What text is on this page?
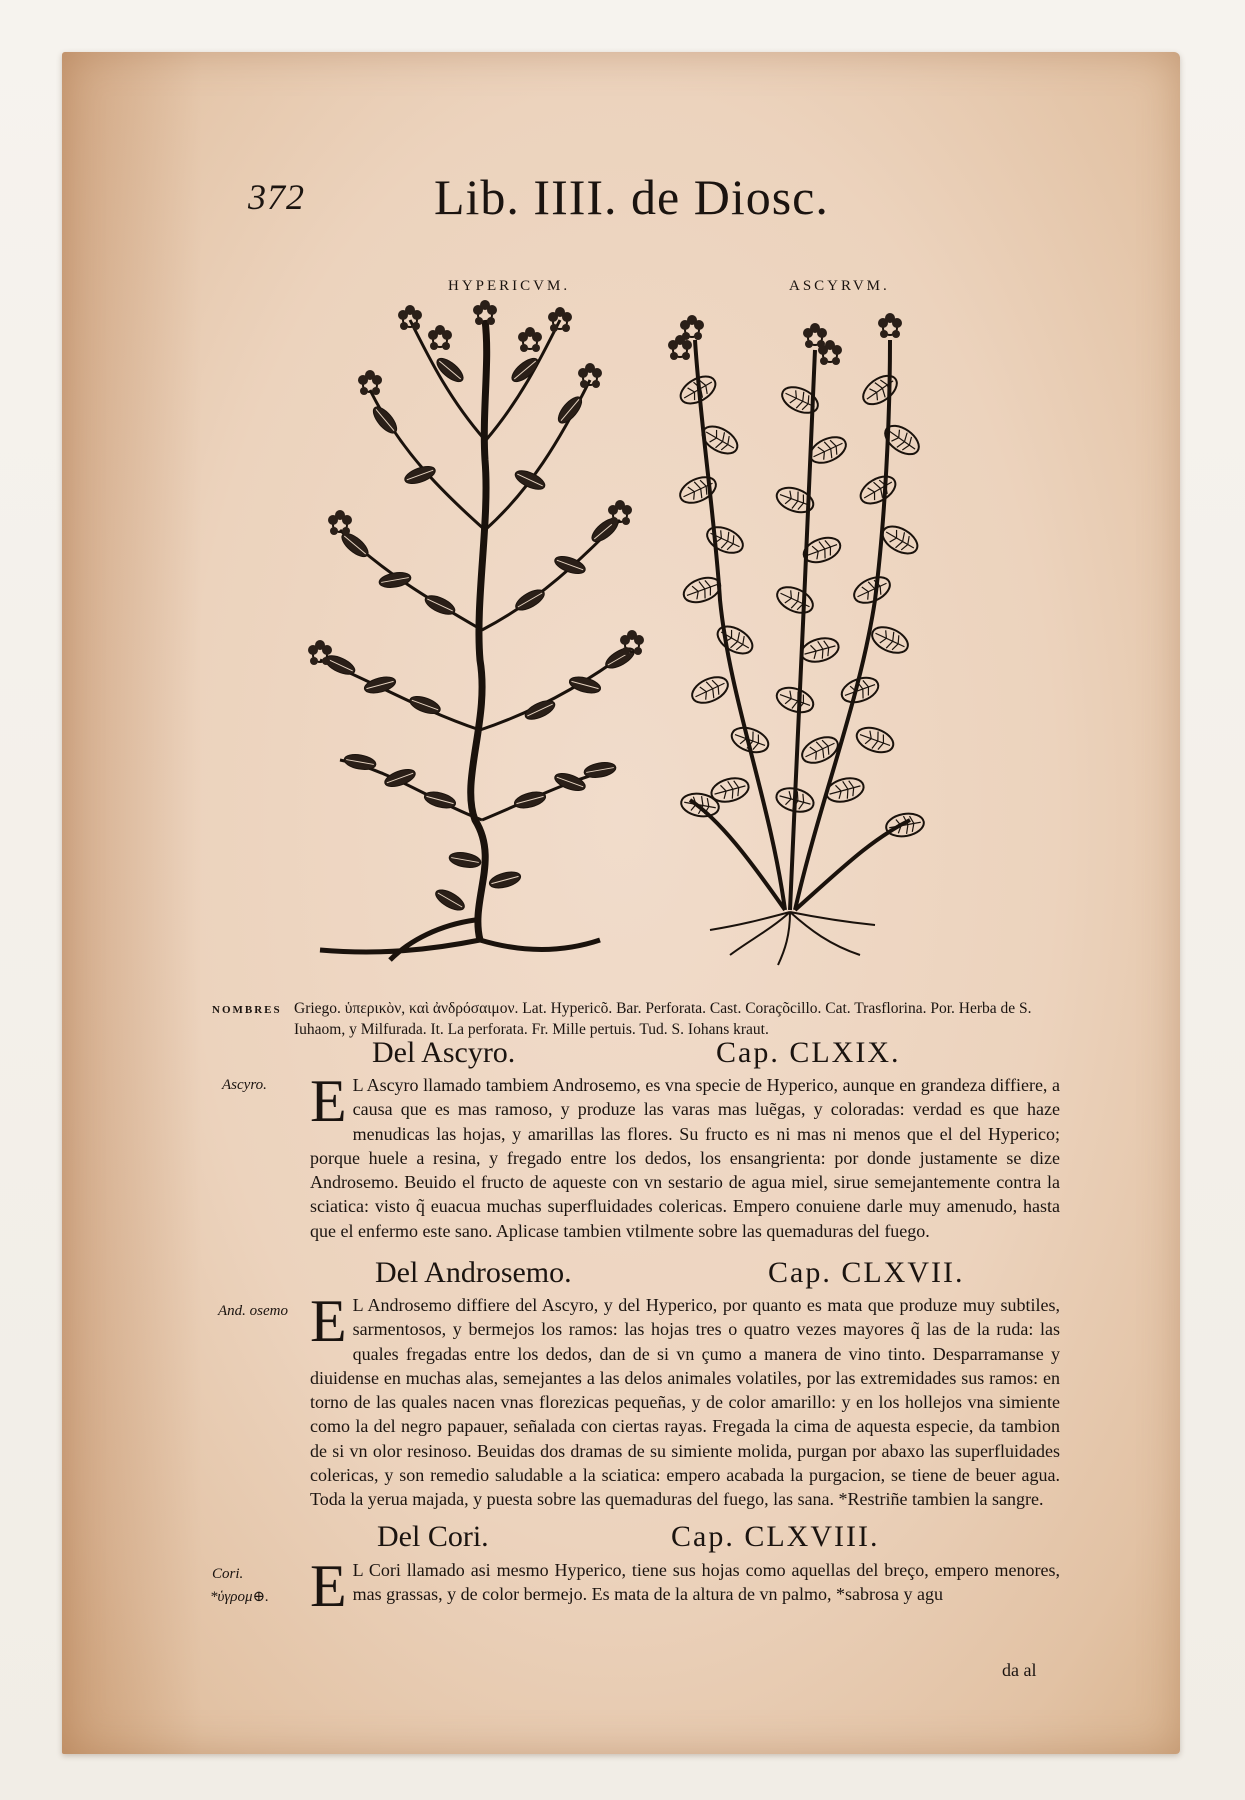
372	Lib. IIII. de Diosc.
HYPERICVM.	ASCYRVM.
NOMBRES Griego. ὑπερικὸν, καὶ ἀνδρόσαιμον. Lat. Hypericõ. Bar. Perforata. Cast. Coraçõcillo. Cat. Trasflorina. Por. Herba de S. Iuhaom, y Milfurada. It. La perforata. Fr. Mille pertuis. Tud. S. Iohans kraut.
Del Ascyro.	Cap. CLXIX.
Ascyro. E L Ascyro llamado tambiem Androsemo, es vna specie de Hyperico, aunque en grandeza diffiere, a causa que es mas ramoso, y produze las varas mas luẽgas, y coloradas: verdad es que haze menudicas las hojas, y amarillas las flores. Su fructo es ni mas ni menos que el del Hyperico; porque huele a resina, y fregado entre los dedos, los ensangrienta: por donde justamente se dize Androsemo. Beuido el fructo de aqueste con vn sestario de agua miel, sirue semejantemente contra la sciatica: visto q̃ euacua muchas superfluidades colericas. Empero conuiene darle muy amenudo, hasta que el enfermo este sano. Aplicase tambien vtilmente sobre las quemaduras del fuego.
Del Androsemo.	Cap. CLXVII.
And. osemo E L Androsemo diffiere del Ascyro, y del Hyperico, por quanto es mata que produze muy subtiles, sarmentosos, y bermejos los ramos: las hojas tres o quatro vezes mayores q̃ las de la ruda: las quales fregadas entre los dedos, dan de si vn çumo a manera de vino tinto. Desparramanse y diuidense en muchas alas, semejantes a las delos animales volatiles, por las extremidades sus ramos: en torno de las quales nacen vnas florezicas pequeñas, y de color amarillo: y en los hollejos vna simiente como la del negro papauer, señalada con ciertas rayas. Fregada la cima de aquesta especie, da tambion de si vn olor resinoso. Beuidas dos dramas de su simiente molida, purgan por abaxo las superfluidades colericas, y son remedio saludable a la sciatica: empero acabada la purgacion, se tiene de beuer agua. Toda la yerua majada, y puesta sobre las quemaduras del fuego, las sana. *Restriñe tambien la sangre.
Del Cori.	Cap. CLXVIII.
Cori.
*ὑγρομ⊕. E L Cori llamado asi mesmo Hyperico, tiene sus hojas como aquellas del breço, empero menores, mas grassas, y de color bermejo. Es mata de la altura de vn palmo, *sabrosa y agu
da al
